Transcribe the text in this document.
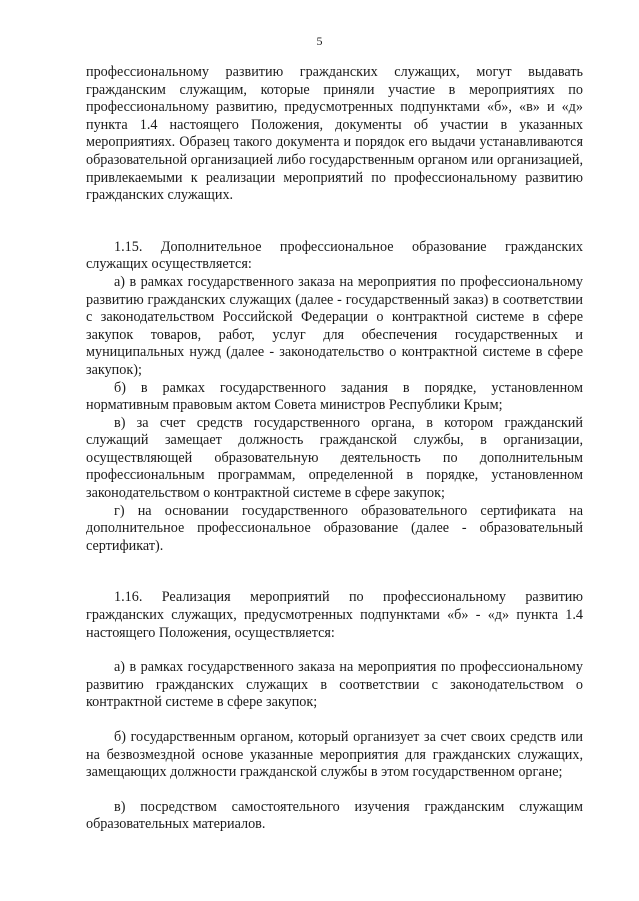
5

профессиональному развитию гражданских служащих, могут выдавать гражданским служащим, которые приняли участие в мероприятиях по профессиональному развитию, предусмотренных подпунктами «б», «в» и «д» пункта 1.4 настоящего Положения, документы об участии в указанных мероприятиях. Образец такого документа и порядок его выдачи устанавливаются образовательной организацией либо государственным органом или организацией, привлекаемыми к реализации мероприятий по профессиональному развитию гражданских служащих.

1.15. Дополнительное профессиональное образование гражданских служащих осуществляется:

а) в рамках государственного заказа на мероприятия по профессиональному развитию гражданских служащих (далее - государственный заказ) в соответствии с законодательством Российской Федерации о контрактной системе в сфере закупок товаров, работ, услуг для обеспечения государственных и муниципальных нужд (далее - законодательство о контрактной системе в сфере закупок);

б) в рамках государственного задания в порядке, установленном нормативным правовым актом Совета министров Республики Крым;

в) за счет средств государственного органа, в котором гражданский служащий замещает должность гражданской службы, в организации, осуществляющей образовательную деятельность по дополнительным профессиональным программам, определенной в порядке, установленном законодательством о контрактной системе в сфере закупок;

г) на основании государственного образовательного сертификата на дополнительное профессиональное образование (далее - образовательный сертификат).

1.16. Реализация мероприятий по профессиональному развитию гражданских служащих, предусмотренных подпунктами «б» - «д» пункта 1.4 настоящего Положения, осуществляется:

а) в рамках государственного заказа на мероприятия по профессиональному развитию гражданских служащих в соответствии с законодательством о контрактной системе в сфере закупок;

б) государственным органом, который организует за счет своих средств или на безвозмездной основе указанные мероприятия для гражданских служащих, замещающих должности гражданской службы в этом государственном органе;

в) посредством самостоятельного изучения гражданским служащим образовательных материалов.
